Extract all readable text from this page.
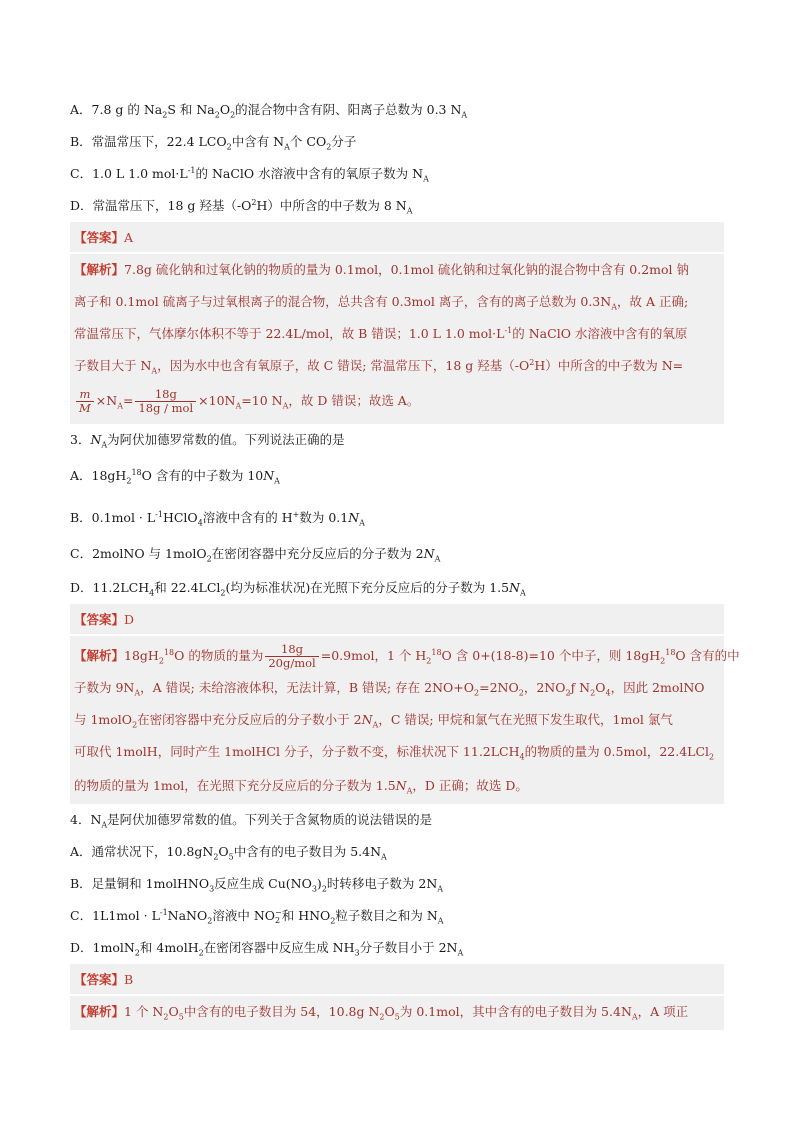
A．7.8 g 的 $Na_2S$ 和 $Na_2O_2$的混合物中含有阴、阳离子总数为 0.3 $N_A$
B．常温常压下，22.4 $LCO_2$中含有 $N_A$个 $CO_2$分子
C．1.0 L 1.0 $mol\cdot L^{-1}$的 NaClO 水溶液中含有的氧原子数为 $N_A$
D．常温常压下，18 g 羟基$(-O^2H)$中所含的中子数为 8 $N_A$
【答案】A
【解析】7.8g 硫化钠和过氧化钠的物质的量为 0.1mol，0.1mol 硫化钠和过氧化钠的混合物中含有 0.2mol 钠
离子和 0.1mol 硫离子与过氧根离子的混合物，总共含有 0.3mol 离子，含有的离子总数为 $0.3N_A$，故 A 正确;
常温常压下，气体摩尔体积不等于 22.4L/mol，故 B 错误；1.0 L 1.0 $mol\cdot L^{-1}$的 NaClO 水溶液中含有的氧原
子数目大于 $N_A$，因为水中也含有氧原子，故 C 错误; 常温常压下，18 g 羟基$(-O^2H)$中所含的中子数为 N=
$\frac{m}{M} \times N_A= \frac{18g}{\text{18g / mol}} \times 10N_A=10$ $N_A$，故 D 错误；故选 A。
3．$N_A$为阿伏加德罗常数的值。下列说法正确的是
A．$18gH_2^{18}O$ 含有的中子数为 $10N_A$
B．$0.1mol \cdot L^{-1}HClO_4$溶液中含有的 H+数为 $0.1N_A$
C．2molNO 与 1molO$_2$在密闭容器中充分反应后的分子数为 $2N_A$
D．$11.2LCH_4$和 22.4LCl$_2$(均为标准状况)在光照下充分反应后的分子数为 $1.5N_A$
【答案】D
【解析】$18gH_2^{18}O$ 的物质的量为 $\frac{18g}{\text{20g/mol}} =0.9mol$，1 个 $H_2^{18}O$ 含 0+(18-8)=10 个中子，则 $18gH_2^{18}O$ 含有的中
子数为 $9N_A$，A 错误; 未给溶液体积，无法计算，B 错误; 存在 $2NO+O_2=2NO_2$，$2NO_2ƒ$ $N_2O_4$，因此 2molNO
与 1molO$_2$在密闭容器中充分反应后的分子数小于 $2N_A$，C 错误; 甲烷和氯气在光照下发生取代，1mol 氯气
可取代 1molH，同时产生 1molHCl 分子，分子数不变，标准状况下 $11.2LCH_4$的物质的量为 0.5mol，22.4LCl$_2$
的物质的量为 1mol，在光照下充分反应后的分子数为 $1.5N_A$，D 正确；故选 D。
4．$N_A$是阿伏加德罗常数的值。下列关于含氮物质的说法错误的是
A．通常状况下，$10.8gN_2O_5$中含有的电子数目为 $5.4N_A$
B．足量铜和 1molHNO$_3$反应生成 $Cu(NO_3)_2$时转移电子数为 $2N_A$
C．$1L1mol \cdot L^{-1}NaNO_2$溶液中 NO −
2 和 $HNO_2$粒子数目之和为 $N_A$
D．1molN$_2$和 4molH$_2$在密闭容器中反应生成 $NH_3$分子数目小于 $2N_A$
【答案】B
【解析】1 个 $N_2O_5$中含有的电子数目为 54，10.8g $N_2O_5$为 0.1mol，其中含有的电子数目为 $5.4N_A$，A 项正
